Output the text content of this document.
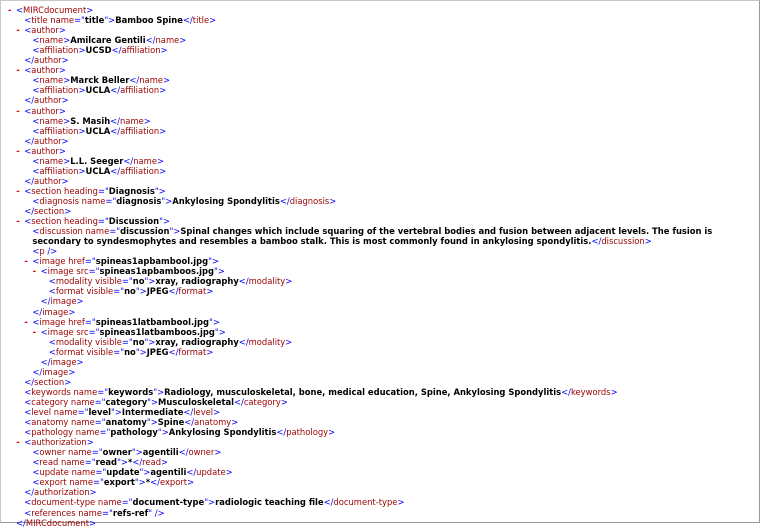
- <MIRCdocument>
<title name="title">Bamboo Spine</title>
- <author>
<name>Amilcare Gentili</name>
<affiliation>UCSD</affiliation>
</author>
- <author>
<name>Marck Beller</name>
<affiliation>UCLA</affiliation>
</author>
- <author>
<name>S. Masih</name>
<affiliation>UCLA</affiliation>
</author>
- <author>
<name>L.L. Seeger</name>
<affiliation>UCLA</affiliation>
</author>
- <section heading="Diagnosis">
<diagnosis name="diagnosis">Ankylosing Spondylitis</diagnosis>
</section>
- <section heading="Discussion">
<discussion name="discussion">Spinal changes which include squaring of the vertebral bodies and fusion between adjacent levels. The fusion is secondary to syndesmophytes and resembles a bamboo stalk. This is most commonly found in ankylosing spondylitis.</discussion>
<p />
- <image href="spineas1apbambool.jpg">
- <image src="spineas1apbamboos.jpg">
<modality visible="no">xray, radiography</modality>
<format visible="no">JPEG</format>
</image>
</image>
- <image href="spineas1latbambool.jpg">
- <image src="spineas1latbamboos.jpg">
<modality visible="no">xray, radiography</modality>
<format visible="no">JPEG</format>
</image>
</image>
</section>
<keywords name="keywords">Radiology, musculoskeletal, bone, medical education, Spine, Ankylosing Spondylitis</keywords>
<category name="category">Musculoskeletal</category>
<level name="level">Intermediate</level>
<anatomy name="anatomy">Spine</anatomy>
<pathology name="pathology">Ankylosing Spondylitis</pathology>
- <authorization>
<owner name="owner">agentili</owner>
<read name="read">*</read>
<update name="update">agentili</update>
<export name="export">*</export>
</authorization>
<document-type name="document-type">radiologic teaching file</document-type>
<references name="refs-ref" />
</MIRCdocument>
